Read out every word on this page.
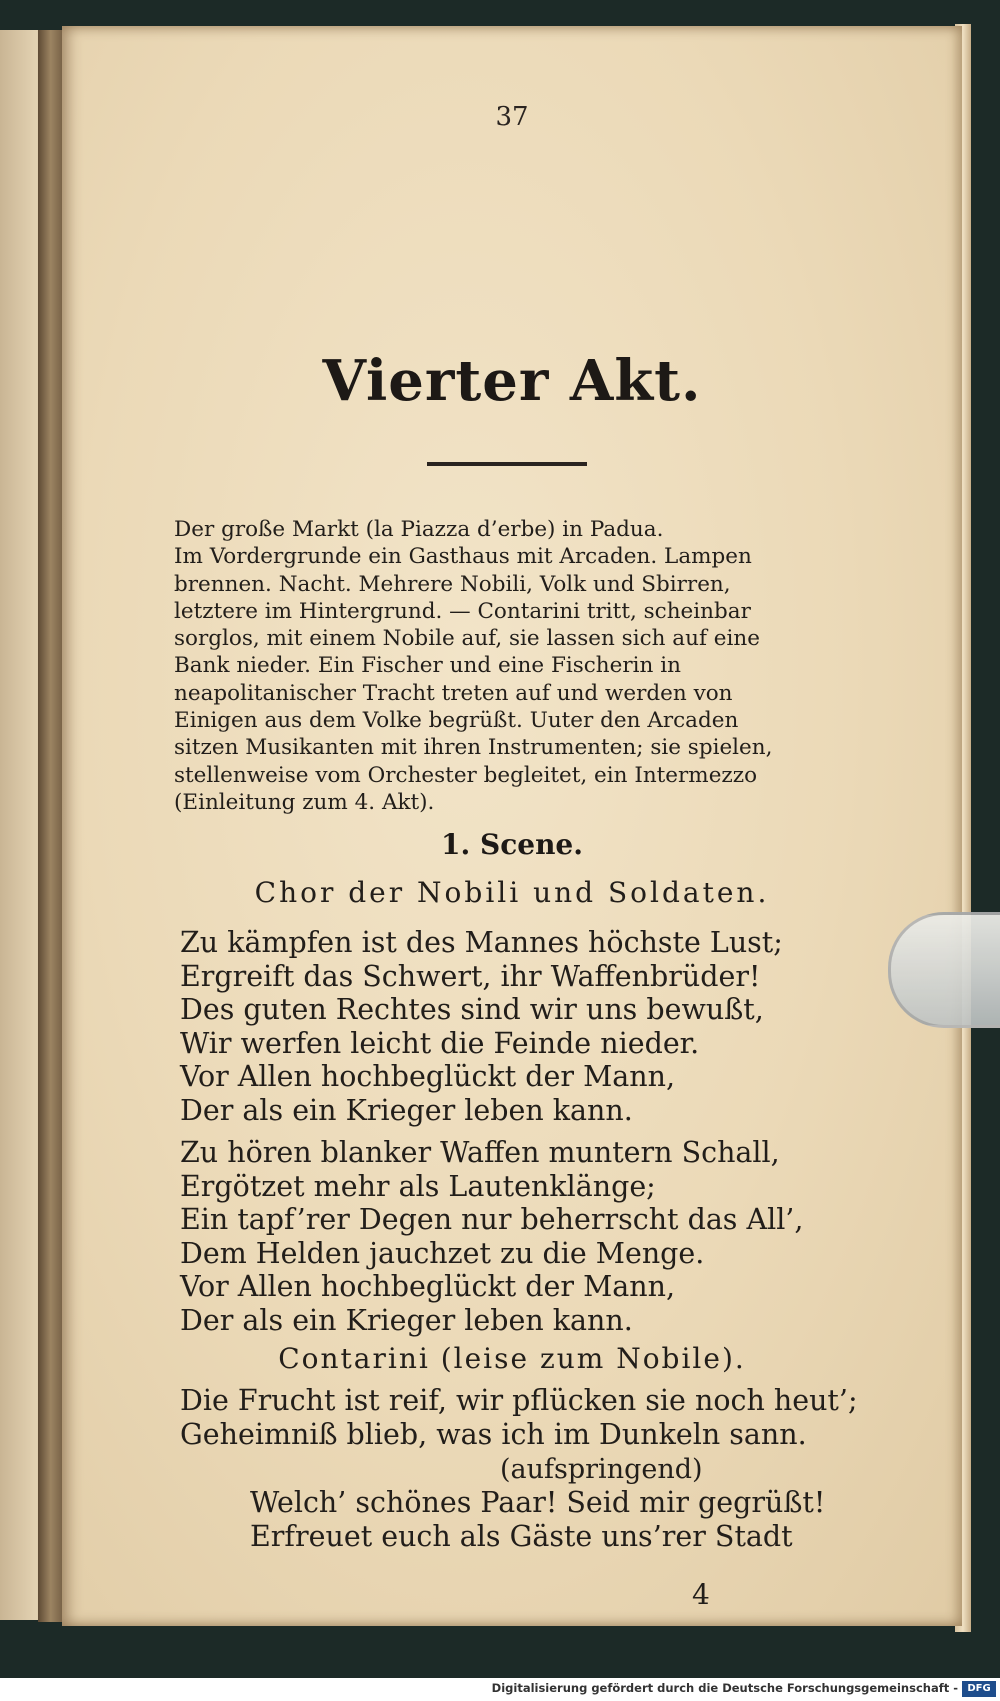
37
Vierter Akt.

Der große Markt (la Piazza d’erbe) in Padua.
Im Vordergrunde ein Gasthaus mit Arcaden. Lampen
brennen. Nacht. Mehrere Nobili, Volk und Sbirren,
letztere im Hintergrund. — Contarini tritt, scheinbar
sorglos, mit einem Nobile auf, sie lassen sich auf eine
Bank nieder. Ein Fischer und eine Fischerin in
neapolitanischer Tracht treten auf und werden von
Einigen aus dem Volke begrüßt. Uuter den Arcaden
sitzen Musikanten mit ihren Instrumenten; sie spielen,
stellenweise vom Orchester begleitet, ein Intermezzo
(Einleitung zum 4. Akt).

1. Scene.
Chor der Nobili und Soldaten.

Zu kämpfen ist des Mannes höchste Lust;
Ergreift das Schwert, ihr Waffenbrüder!
Des guten Rechtes sind wir uns bewußt,
Wir werfen leicht die Feinde nieder.
Vor Allen hochbeglückt der Mann,
Der als ein Krieger leben kann.

Zu hören blanker Waffen muntern Schall,
Ergötzet mehr als Lautenklänge;
Ein tapf’rer Degen nur beherrscht das All’,
Dem Helden jauchzet zu die Menge.
Vor Allen hochbeglückt der Mann,
Der als ein Krieger leben kann.

Contarini (leise zum Nobile).

Die Frucht ist reif, wir pflücken sie noch heut’;
Geheimniß blieb, was ich im Dunkeln sann.

(aufspringend)

Welch’ schönes Paar! Seid mir gegrüßt!
Erfreuet euch als Gäste uns’rer Stadt

4
Digitalisierung gefördert durch die Deutsche Forschungsgemeinschaft - DFG
